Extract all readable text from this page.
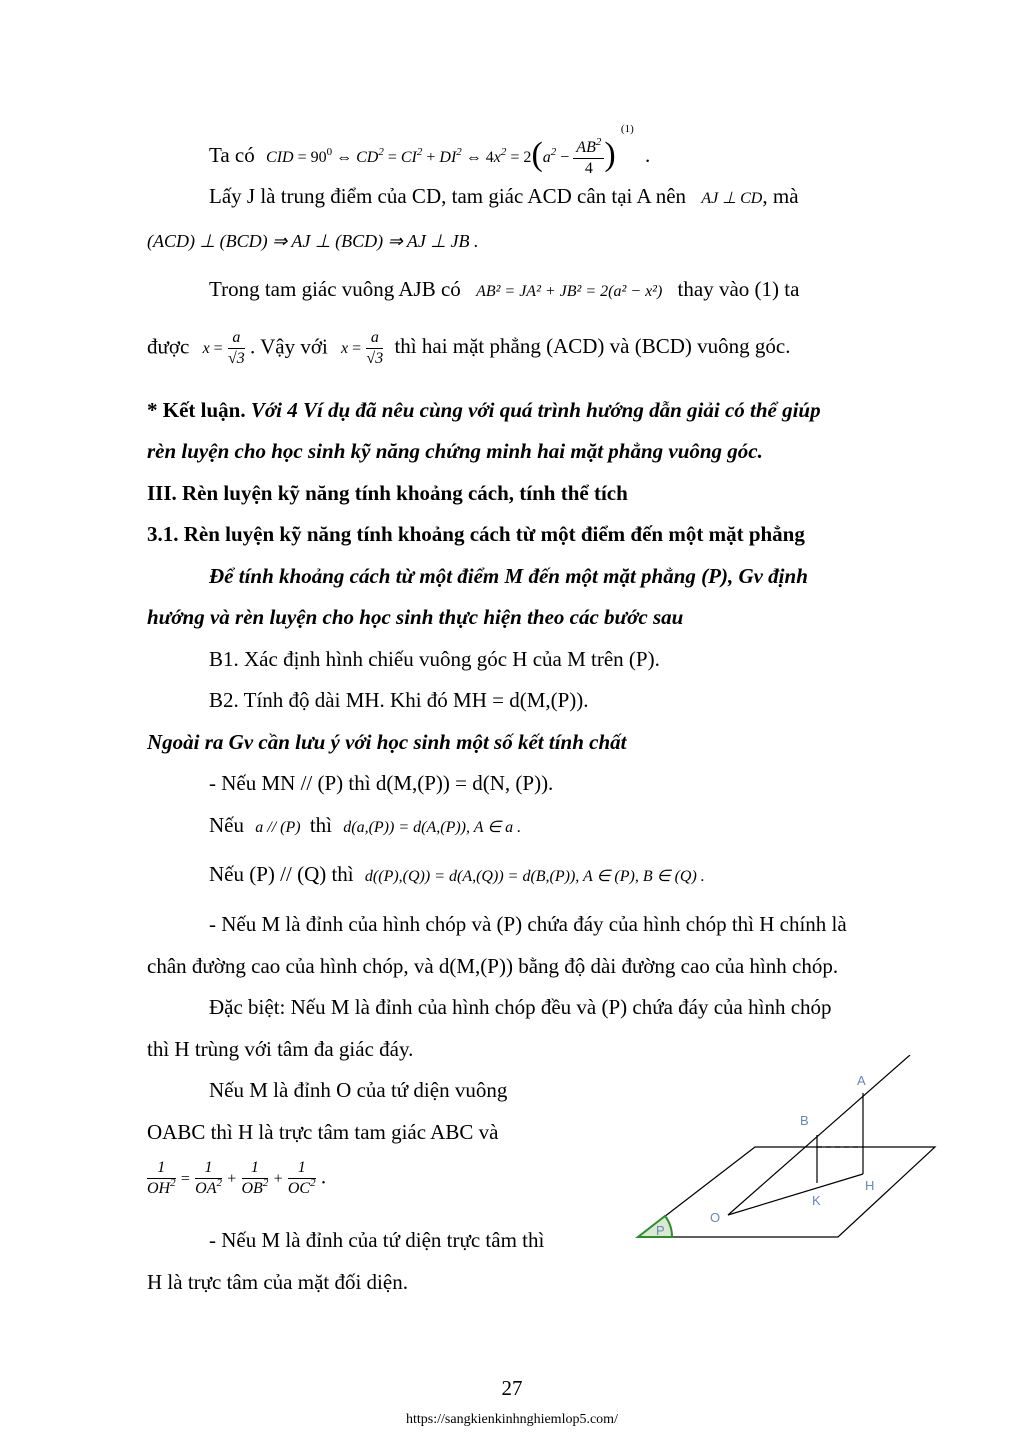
Ta có CID = $90^0$ ⇔ $CD^2 = CI^2 + DI^2$ ⇔ $4x^2 = 2(a^2 - \frac{AB^2}{4}$ ) $^{(1)}$ .
Lấy J là trung điểm của CD, tam giác ACD cân tại A nên AJ ⊥ CD, mà
(ACD) ⊥ (BCD) ⇒ AJ ⊥ (BCD) ⇒ AJ ⊥ JB .
Trong tam giác vuông AJB có AB² = JA² + JB² = 2(a² − x²) thay vào (1) ta
được $x = \frac{a}{√3}$ . Vậy với $x = \frac{a}{√3}$ thì hai mặt phẳng (ACD) và (BCD) vuông góc.
* Kết luận. Với 4 Ví dụ đã nêu cùng với quá trình hướng dẫn giải có thể giúp
rèn luyện cho học sinh kỹ năng chứng minh hai mặt phẳng vuông góc.
III. Rèn luyện kỹ năng tính khoảng cách, tính thể tích
3.1. Rèn luyện kỹ năng tính khoảng cách từ một điểm đến một mặt phẳng
Để tính khoảng cách từ một điểm M đến một mặt phẳng (P), Gv định
hướng và rèn luyện cho học sinh thực hiện theo các bước sau
B1. Xác định hình chiếu vuông góc H của M trên (P).
B2. Tính độ dài MH. Khi đó MH = d(M,(P)).
Ngoài ra Gv cần lưu ý với học sinh một số kết tính chất
- Nếu MN // (P) thì d(M,(P)) = d(N, (P)).
Nếu a // (P) thì d(a,(P)) = d(A,(P)), A ∈ a .
Nếu (P) // (Q) thì d((P),(Q)) = d(A,(Q)) = d(B,(P)), A ∈ (P), B ∈ (Q) .
- Nếu M là đỉnh của hình chóp và (P) chứa đáy của hình chóp thì H chính là
chân đường cao của hình chóp, và d(M,(P)) bằng độ dài đường cao của hình chóp.
Đặc biệt: Nếu M là đỉnh của hình chóp đều và (P) chứa đáy của hình chóp
thì H trùng với tâm đa giác đáy.
Nếu M là đỉnh O của tứ diện vuông
OABC thì H là trực tâm tam giác ABC và
$\frac{1}{OH^2} = \frac{1}{OA^2} + \frac{1}{OB^2} + \frac{1}{OC^2}$ .
- Nếu M là đỉnh của tứ diện trực tâm thì
H là trực tâm của mặt đối diện.
A
B
H
K
O
P
27
https://sangkienkinhnghiemlop5.com/
